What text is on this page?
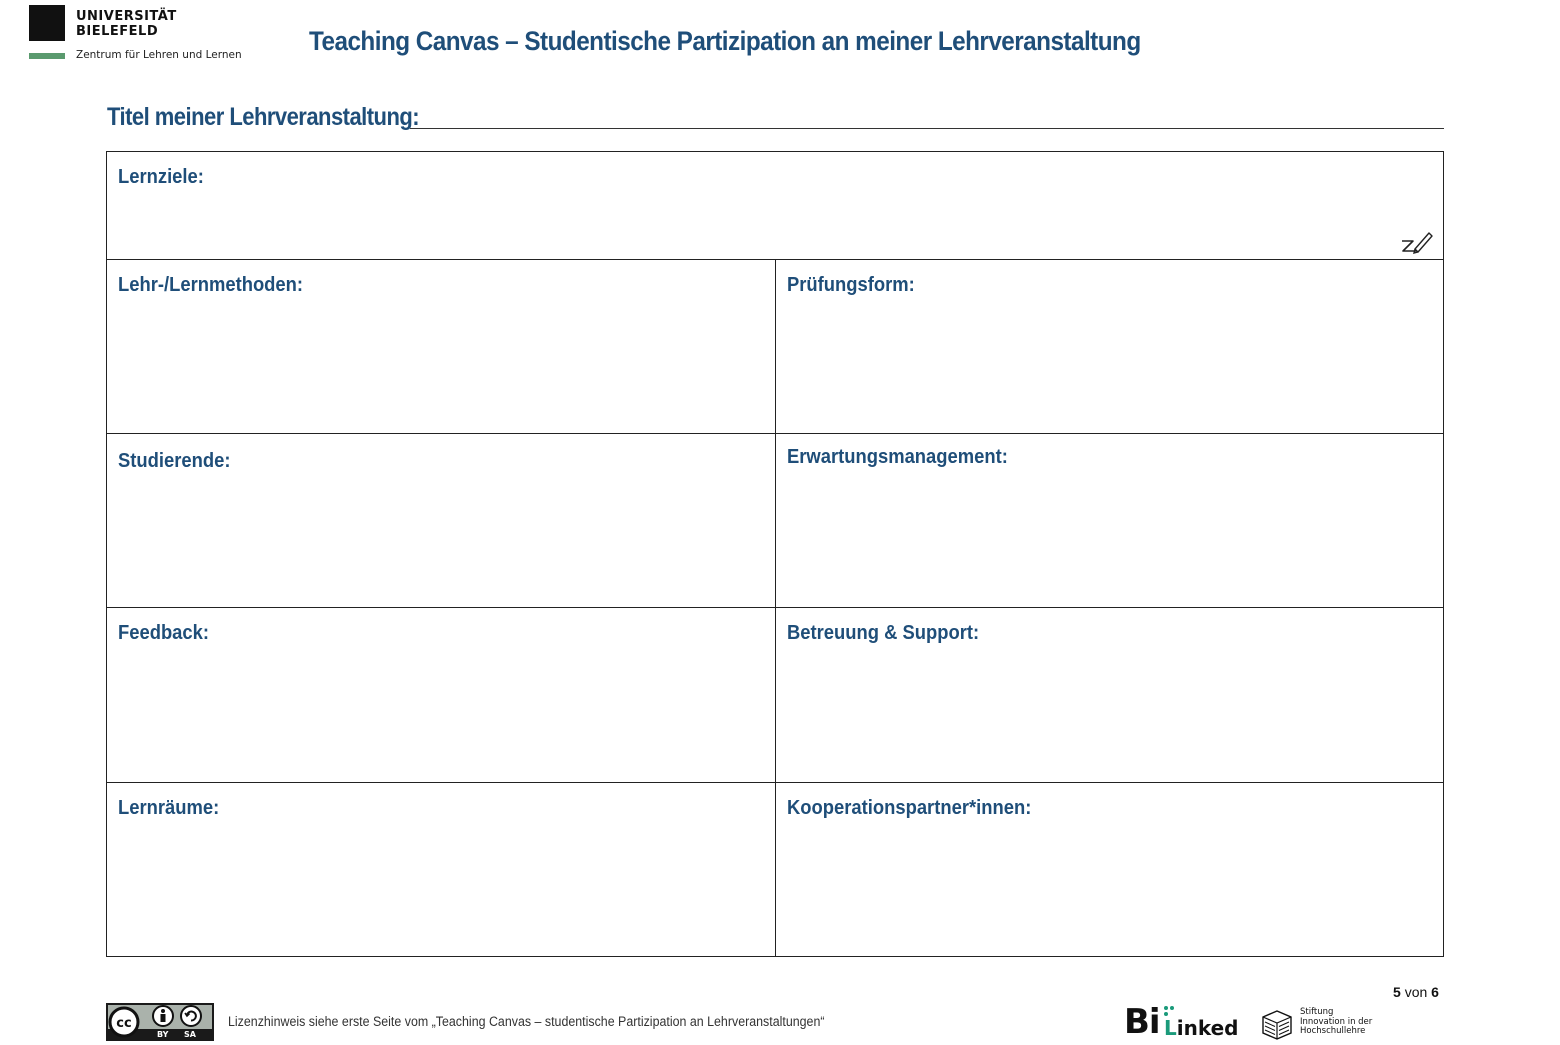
UNIVERSITÄT
BIELEFELD
Zentrum für Lehren und Lernen Teaching Canvas – Studentische Partizipation an meiner Lehrveranstaltung
Titel meiner Lehrveranstaltung:
Lernziele:
Lehr-/Lernmethoden:	Prüfungsform:
Studierende:	Erwartungsmanagement:
Feedback:	Betreuung & Support:
Lernräume:	Kooperationspartner*innen:
5 von 6
cc
BY SA
Lizenzhinweis siehe erste Seite vom „Teaching Canvas – studentische Partizipation an Lehrveranstaltungen“	Bi Linked
Stiftung
Innovation in der
Hochschullehre
